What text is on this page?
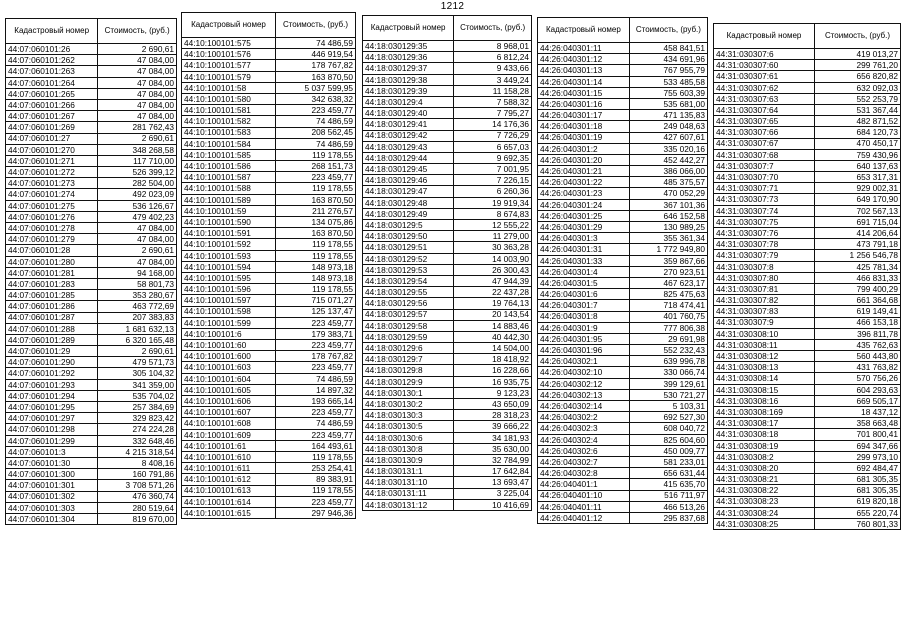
1212
Кадастровый номер	Стоимость, (руб.)
44:07:060101:26	2 690,61
44:07:060101:262	47 084,00
44:07:060101:263	47 084,00
44:07:060101:264	47 084,00
44:07:060101:265	47 084,00
44:07:060101:266	47 084,00
44:07:060101:267	47 084,00
44:07:060101:269	281 762,43
44:07:060101:27	2 690,61
44:07:060101:270	348 268,58
44:07:060101:271	117 710,00
44:07:060101:272	526 399,12
44:07:060101:273	282 504,00
44:07:060101:274	492 023,09
44:07:060101:275	536 126,67
44:07:060101:276	479 402,23
44:07:060101:278	47 084,00
44:07:060101:279	47 084,00
44:07:060101:28	2 690,61
44:07:060101:280	47 084,00
44:07:060101:281	94 168,00
44:07:060101:283	58 801,73
44:07:060101:285	353 280,67
44:07:060101:286	463 772,69
44:07:060101:287	207 383,83
44:07:060101:288	1 681 632,13
44:07:060101:289	6 320 165,48
44:07:060101:29	2 690,61
44:07:060101:290	479 571,73
44:07:060101:292	305 104,32
44:07:060101:293	341 359,00
44:07:060101:294	535 704,02
44:07:060101:295	257 384,69
44:07:060101:297	329 823,42
44:07:060101:298	274 224,28
44:07:060101:299	332 648,46
44:07:060101:3	4 215 318,54
44:07:060101:30	8 408,16
44:07:060101:300	160 791,86
44:07:060101:301	3 708 571,26
44:07:060101:302	476 360,74
44:07:060101:303	280 519,64
44:07:060101:304	819 670,00
Кадастровый номер	Стоимость, (руб.)
44:10:100101:575	74 486,59
44:10:100101:576	446 919,54
44:10:100101:577	178 767,82
44:10:100101:579	163 870,50
44:10:100101:58	5 037 599,95
44:10:100101:580	342 638,32
44:10:100101:581	223 459,77
44:10:100101:582	74 486,59
44:10:100101:583	208 562,45
44:10:100101:584	74 486,59
44:10:100101:585	119 178,55
44:10:100101:586	268 151,73
44:10:100101:587	223 459,77
44:10:100101:588	119 178,55
44:10:100101:589	163 870,50
44:10:100101:59	211 276,57
44:10:100101:590	134 075,86
44:10:100101:591	163 870,50
44:10:100101:592	119 178,55
44:10:100101:593	119 178,55
44:10:100101:594	148 973,18
44:10:100101:595	148 973,18
44:10:100101:596	119 178,55
44:10:100101:597	715 071,27
44:10:100101:598	125 137,47
44:10:100101:599	223 459,77
44:10:100101:6	179 383,71
44:10:100101:60	223 459,77
44:10:100101:600	178 767,82
44:10:100101:603	223 459,77
44:10:100101:604	74 486,59
44:10:100101:605	14 897,32
44:10:100101:606	193 665,14
44:10:100101:607	223 459,77
44:10:100101:608	74 486,59
44:10:100101:609	223 459,77
44:10:100101:61	164 493,61
44:10:100101:610	119 178,55
44:10:100101:611	253 254,41
44:10:100101:612	89 383,91
44:10:100101:613	119 178,55
44:10:100101:614	223 459,77
44:10:100101:615	297 946,36
Кадастровый номер	Стоимость, (руб.)
44:18:030129:35	8 968,01
44:18:030129:36	6 812,24
44:18:030129:37	9 433,66
44:18:030129:38	3 449,24
44:18:030129:39	11 158,28
44:18:030129:4	7 588,32
44:18:030129:40	7 795,27
44:18:030129:41	14 176,36
44:18:030129:42	7 726,29
44:18:030129:43	6 657,03
44:18:030129:44	9 692,35
44:18:030129:45	7 001,95
44:18:030129:46	7 226,15
44:18:030129:47	6 260,36
44:18:030129:48	19 919,34
44:18:030129:49	8 674,83
44:18:030129:5	12 555,22
44:18:030129:50	11 279,00
44:18:030129:51	30 363,28
44:18:030129:52	14 003,90
44:18:030129:53	26 300,43
44:18:030129:54	47 944,39
44:18:030129:55	22 437,28
44:18:030129:56	19 764,13
44:18:030129:57	20 143,54
44:18:030129:58	14 883,46
44:18:030129:59	40 442,30
44:18:030129:6	14 504,00
44:18:030129:7	18 418,92
44:18:030129:8	16 228,66
44:18:030129:9	16 935,75
44:18:030130:1	9 123,23
44:18:030130:2	43 650,09
44:18:030130:3	28 318,23
44:18:030130:5	39 666,22
44:18:030130:6	34 181,93
44:18:030130:8	35 630,00
44:18:030130:9	32 784,99
44:18:030131:1	17 642,84
44:18:030131:10	13 693,47
44:18:030131:11	3 225,04
44:18:030131:12	10 416,69
Кадастровый номер	Стоимость, (руб.)
44:26:040301:11	458 841,51
44:26:040301:12	434 691,96
44:26:040301:13	767 955,79
44:26:040301:14	533 485,58
44:26:040301:15	755 603,39
44:26:040301:16	535 681,00
44:26:040301:17	471 135,83
44:26:040301:18	249 048,63
44:26:040301:19	427 607,61
44:26:040301:2	335 020,16
44:26:040301:20	452 442,27
44:26:040301:21	386 066,00
44:26:040301:22	485 375,57
44:26:040301:23	470 052,29
44:26:040301:24	367 101,36
44:26:040301:25	646 152,58
44:26:040301:29	130 989,25
44:26:040301:3	355 361,34
44:26:040301:31	1 772 949,80
44:26:040301:33	359 867,66
44:26:040301:4	270 923,51
44:26:040301:5	467 623,17
44:26:040301:6	825 475,63
44:26:040301:7	718 474,41
44:26:040301:8	401 760,75
44:26:040301:9	777 806,38
44:26:040301:95	29 691,98
44:26:040301:96	552 232,43
44:26:040302:1	639 996,78
44:26:040302:10	330 066,74
44:26:040302:12	399 129,61
44:26:040302:13	530 721,27
44:26:040302:14	5 103,31
44:26:040302:2	692 527,30
44:26:040302:3	608 040,72
44:26:040302:4	825 604,60
44:26:040302:6	450 009,77
44:26:040302:7	581 233,01
44:26:040302:8	656 631,44
44:26:040401:1	415 635,70
44:26:040401:10	516 711,97
44:26:040401:11	466 513,26
44:26:040401:12	295 837,68
Кадастровый номер	Стоимость, (руб.)
44:31:030307:6	419 013,27
44:31:030307:60	299 761,20
44:31:030307:61	656 820,82
44:31:030307:62	632 092,03
44:31:030307:63	552 253,79
44:31:030307:64	531 367,44
44:31:030307:65	482 871,52
44:31:030307:66	684 120,73
44:31:030307:67	470 450,17
44:31:030307:68	759 430,96
44:31:030307:7	640 137,63
44:31:030307:70	653 317,31
44:31:030307:71	929 002,31
44:31:030307:73	649 170,90
44:31:030307:74	702 567,13
44:31:030307:75	691 715,04
44:31:030307:76	414 206,64
44:31:030307:78	473 791,18
44:31:030307:79	1 256 546,78
44:31:030307:8	425 781,34
44:31:030307:80	466 831,33
44:31:030307:81	799 400,29
44:31:030307:82	661 364,68
44:31:030307:83	619 149,41
44:31:030307:9	466 153,18
44:31:030308:10	396 811,78
44:31:030308:11	435 762,63
44:31:030308:12	560 443,80
44:31:030308:13	431 763,82
44:31:030308:14	570 756,26
44:31:030308:15	604 293,63
44:31:030308:16	669 505,17
44:31:030308:169	18 437,12
44:31:030308:17	358 663,48
44:31:030308:18	701 800,41
44:31:030308:19	694 347,66
44:31:030308:2	299 973,10
44:31:030308:20	692 484,47
44:31:030308:21	681 305,35
44:31:030308:22	681 305,35
44:31:030308:23	619 820,18
44:31:030308:24	655 220,74
44:31:030308:25	760 801,33
